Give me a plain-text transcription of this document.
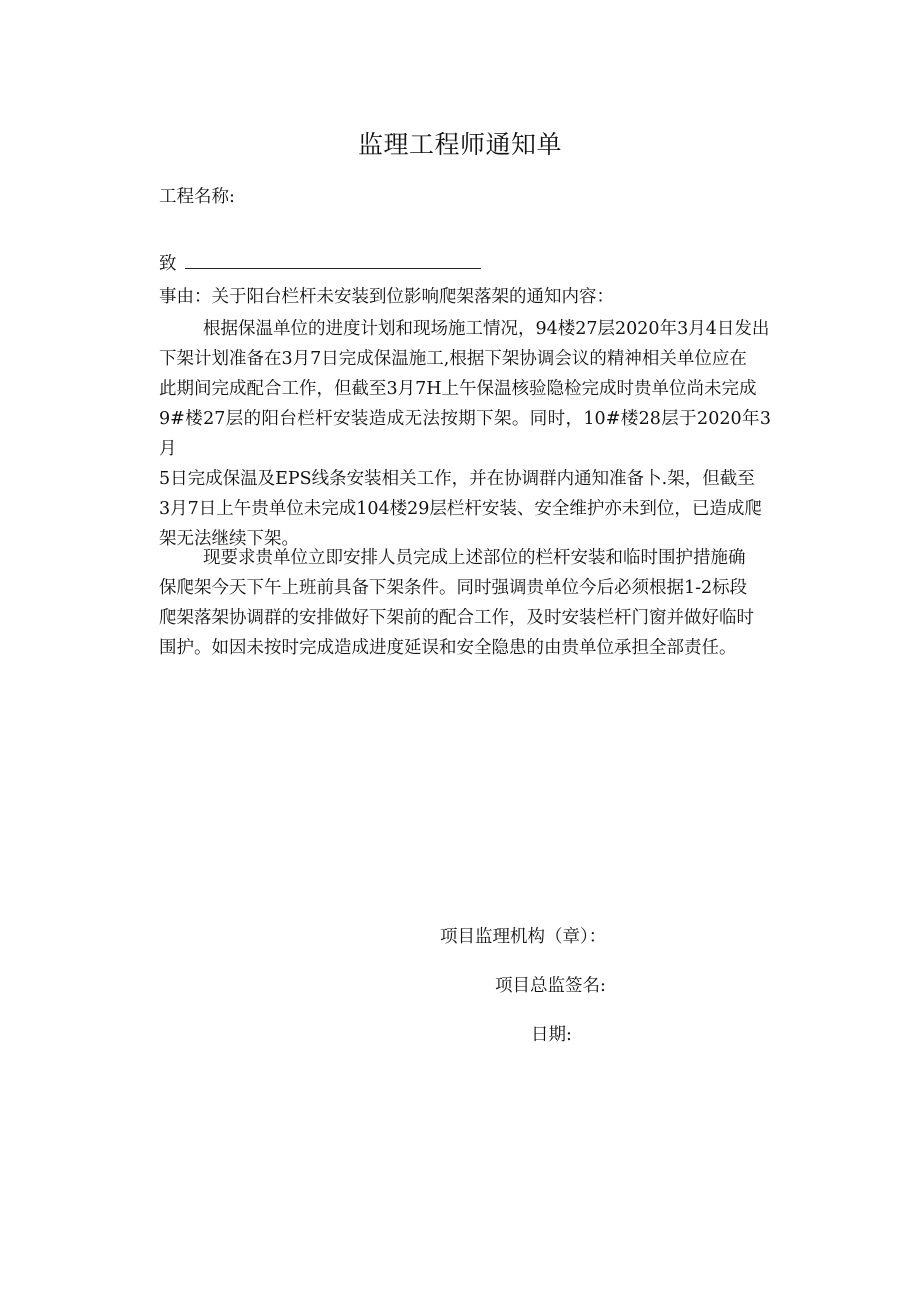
监理工程师通知单
工程名称:
致
事由：关于阳台栏杆未安装到位影响爬架落架的通知内容：

根据保温单位的进度计划和现场施工情况，94楼27层2020年3月4日发出
下架计划准备在3月7日完成保温施工,根据下架协调会议的精神相关单位应在
此期间完成配合工作，但截至3月7H上午保温核验隐检完成时贵单位尚未完成
9#楼27层的阳台栏杆安装造成无法按期下架。同时，10#楼28层于2020年3月
5日完成保温及EPS线条安装相关工作，并在协调群内通知准备卜.架，但截至
3月7日上午贵单位未完成104楼29层栏杆安装、安全维护亦未到位，已造成爬
架无法继续下架。

现要求贵单位立即安排人员完成上述部位的栏杆安装和临时围护措施确
保爬架今天下午上班前具备下架条件。同时强调贵单位今后必须根据1-2标段
爬架落架协调群的安排做好下架前的配合工作，及时安装栏杆门窗并做好临时
围护。如因未按时完成造成进度延误和安全隐患的由贵单位承担全部责任。

项目监理机构（章）：
项目总监签名:
日期:
